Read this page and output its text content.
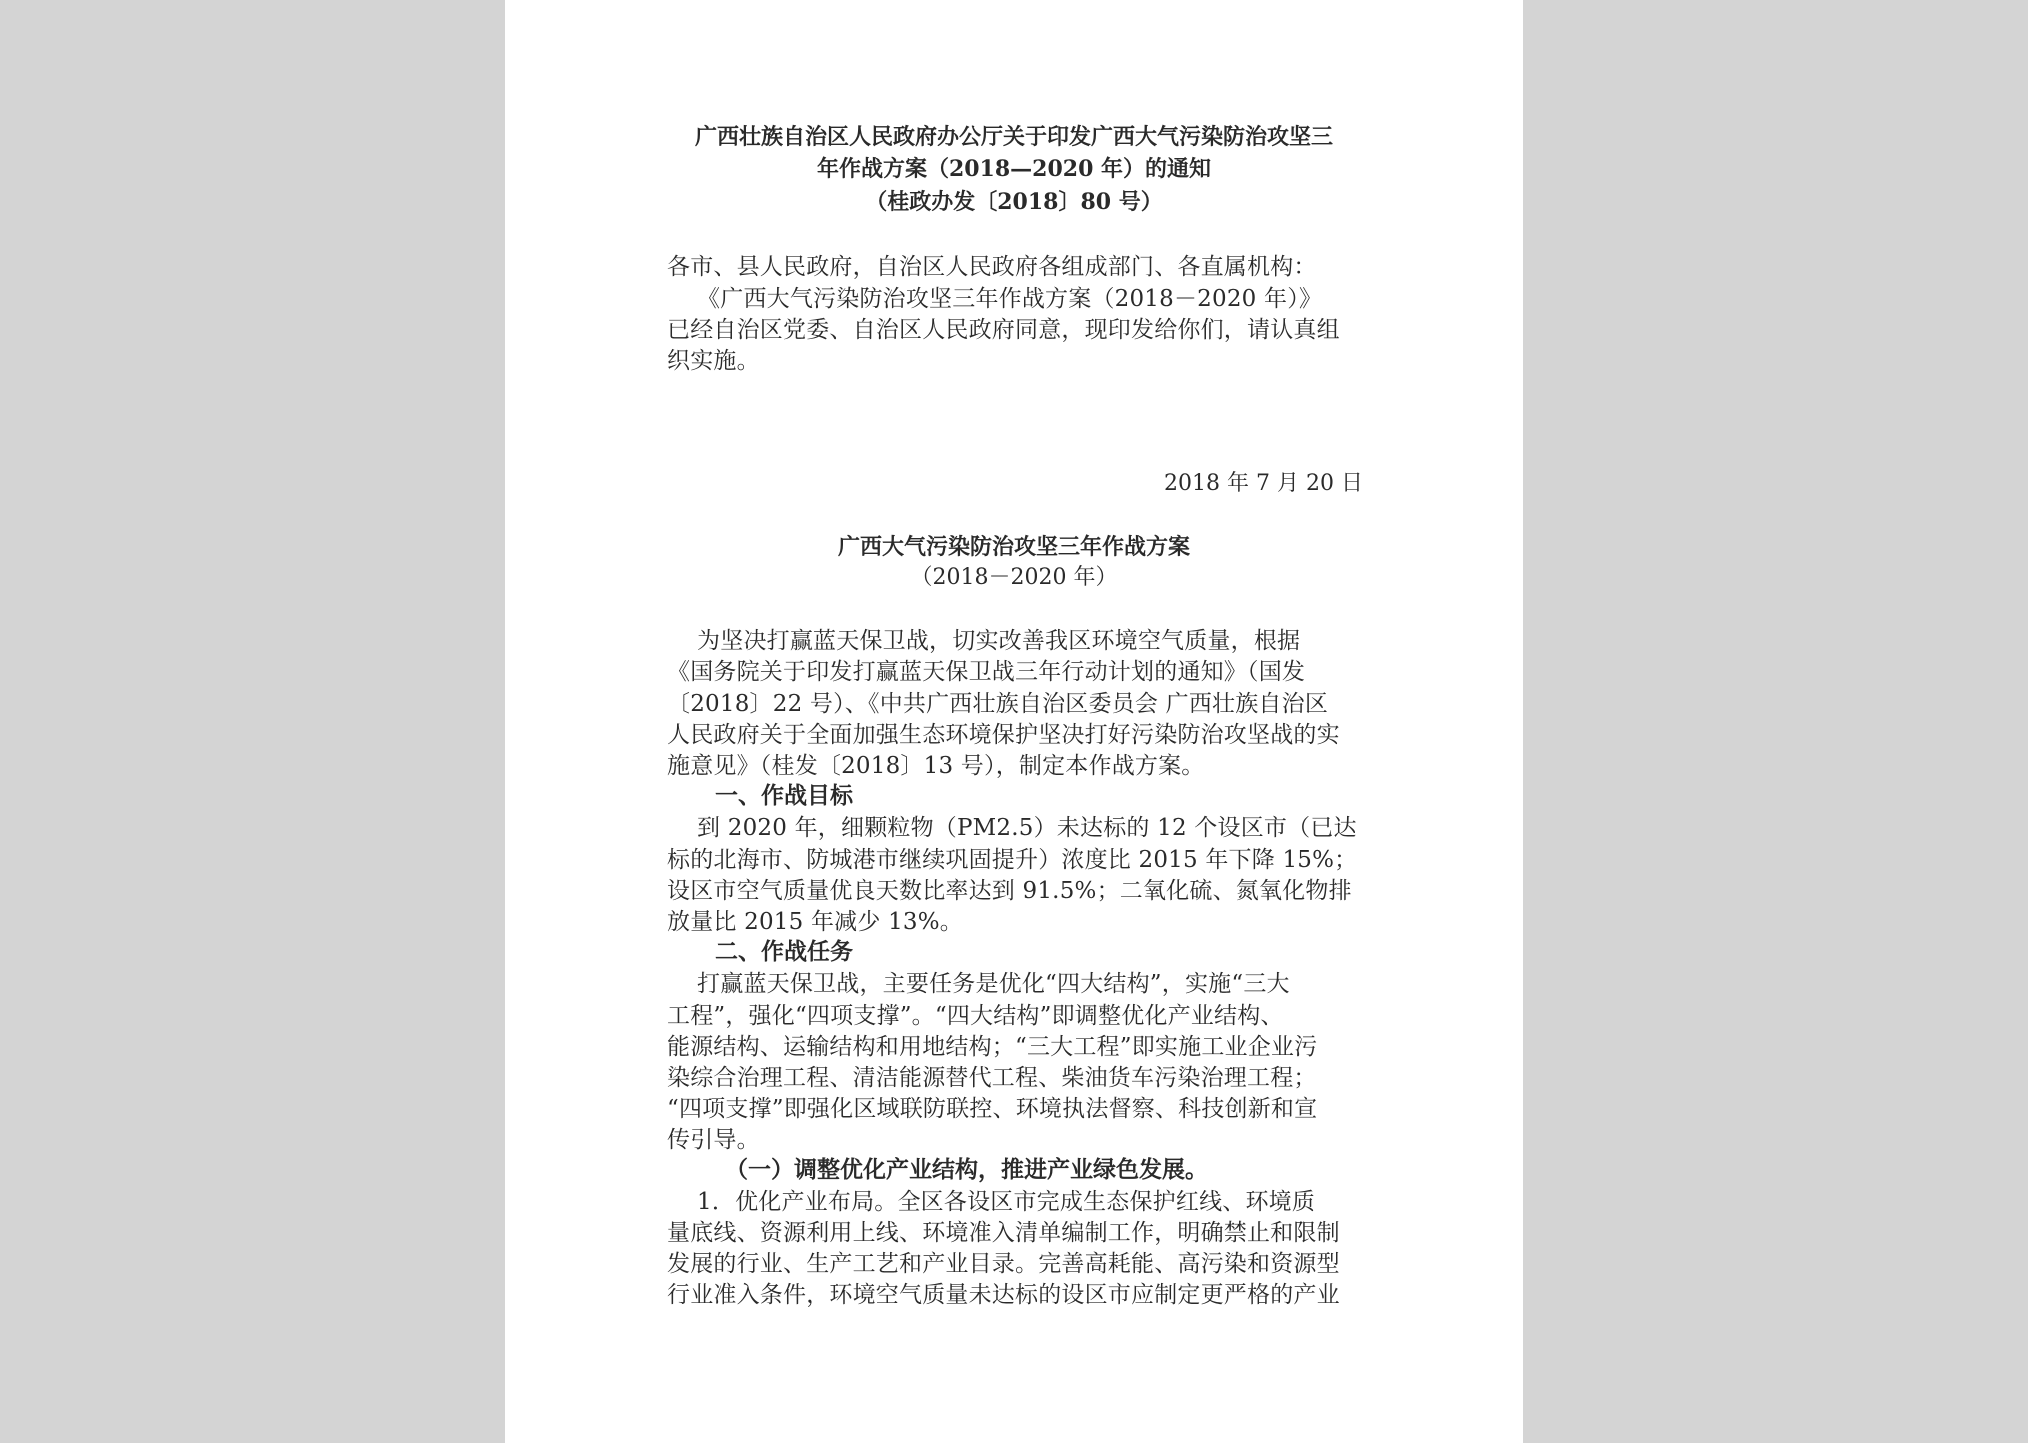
广西壮族自治区人民政府办公厅关于印发广西大气污染防治攻坚三

年作战方案（2018—2020 年）的通知

（桂政办发〔2018〕80 号）

各市、县人民政府，自治区人民政府各组成部门、各直属机构：

《广西大气污染防治攻坚三年作战方案（2018－2020 年）》

已经自治区党委、自治区人民政府同意，现印发给你们，请认真组

织实施。

2018 年 7 月 20 日

广西大气污染防治攻坚三年作战方案

（2018－2020 年）

为坚决打赢蓝天保卫战，切实改善我区环境空气质量，根据

《国务院关于印发打赢蓝天保卫战三年行动计划的通知》（国发

〔2018〕22 号）、《中共广西壮族自治区委员会 广西壮族自治区

人民政府关于全面加强生态环境保护坚决打好污染防治攻坚战的实

施意见》（桂发〔2018〕13 号），制定本作战方案。

一、作战目标

到 2020 年，细颗粒物（PM2.5）未达标的 12 个设区市（已达

标的北海市、防城港市继续巩固提升）浓度比 2015 年下降 15%；

设区市空气质量优良天数比率达到 91.5%；二氧化硫、氮氧化物排

放量比 2015 年减少 13%。

二、作战任务

打赢蓝天保卫战，主要任务是优化“四大结构”，实施“三大

工程”，强化“四项支撑”。“四大结构”即调整优化产业结构、

能源结构、运输结构和用地结构；“三大工程”即实施工业企业污

染综合治理工程、清洁能源替代工程、柴油货车污染治理工程；

“四项支撑”即强化区域联防联控、环境执法督察、科技创新和宣

传引导。

（一）调整优化产业结构，推进产业绿色发展。

1．优化产业布局。全区各设区市完成生态保护红线、环境质

量底线、资源利用上线、环境准入清单编制工作，明确禁止和限制

发展的行业、生产工艺和产业目录。完善高耗能、高污染和资源型

行业准入条件，环境空气质量未达标的设区市应制定更严格的产业
